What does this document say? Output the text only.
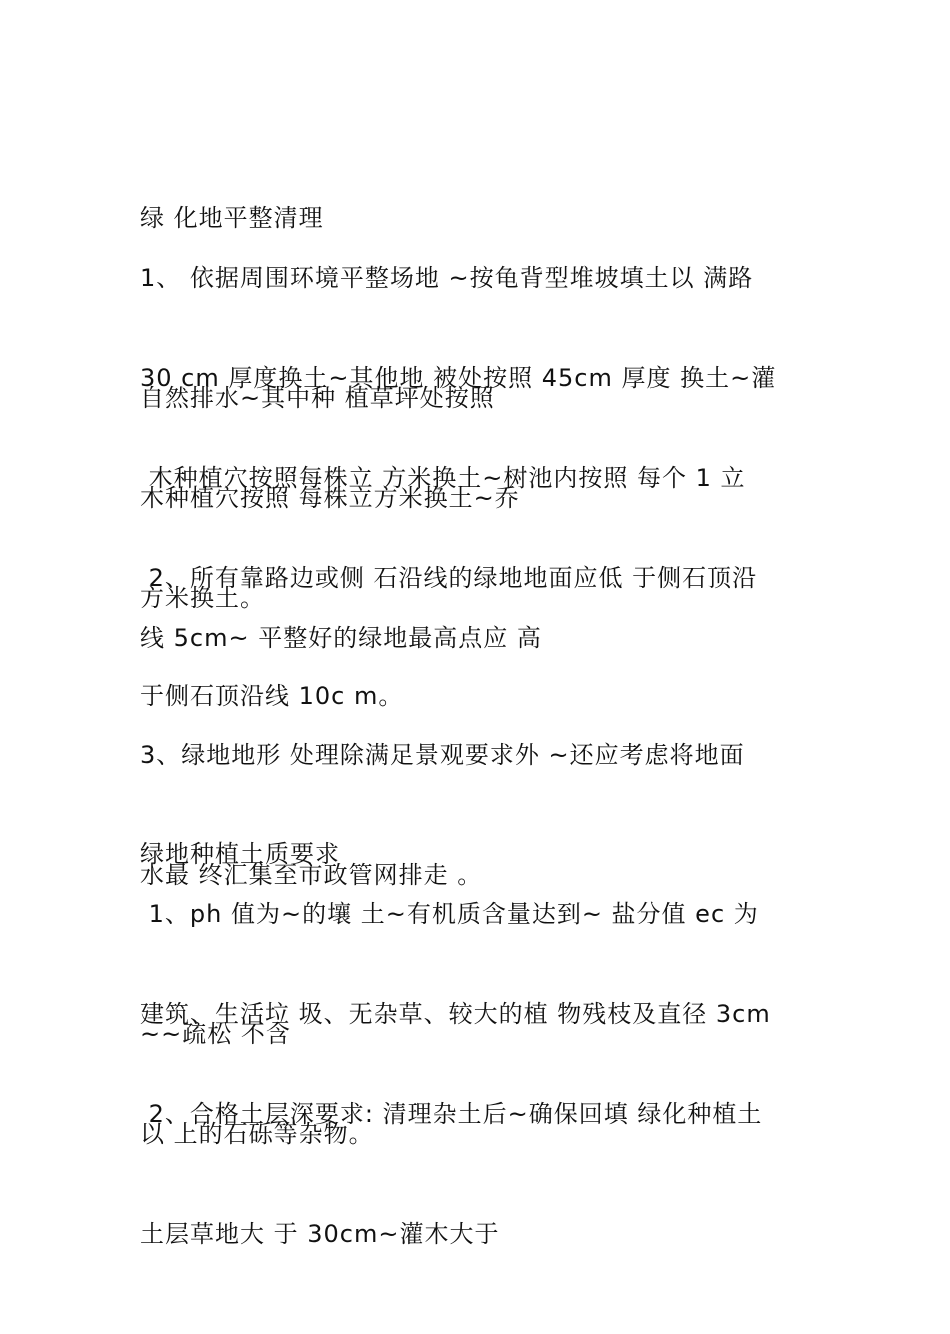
绿 化地平整清理

1、 依据周围环境平整场地 ~按龟背型堆坡填土以 满路

自然排水~其中种 植草坪处按照

30 cm 厚度换土~其他地 被处按照 45cm 厚度 换土~灌

木种植穴按照 每株立方米换土~乔

木种植穴按照每株立 方米换土~树池内按照 每个 1 立

方米换土。

2、所有靠路边或侧 石沿线的绿地地面应低 于侧石顶沿

线 5cm~ 平整好的绿地最高点应 高

于侧石顶沿线 10c m。

3、绿地地形 处理除满足景观要求外 ~还应考虑将地面

水最 终汇集至市政管网排走 。

绿地种植土质要求

1、ph 值为~的壤 土~有机质含量达到~ 盐分值 ec 为

~~疏松 不含

建筑、生活垃 圾、无杂草、较大的植 物残枝及直径 3cm

以 上的石砾等杂物。

2、合格土层深要求: 清理杂土后~确保回填 绿化种植土

土层草地大 于 30cm~灌木大于
